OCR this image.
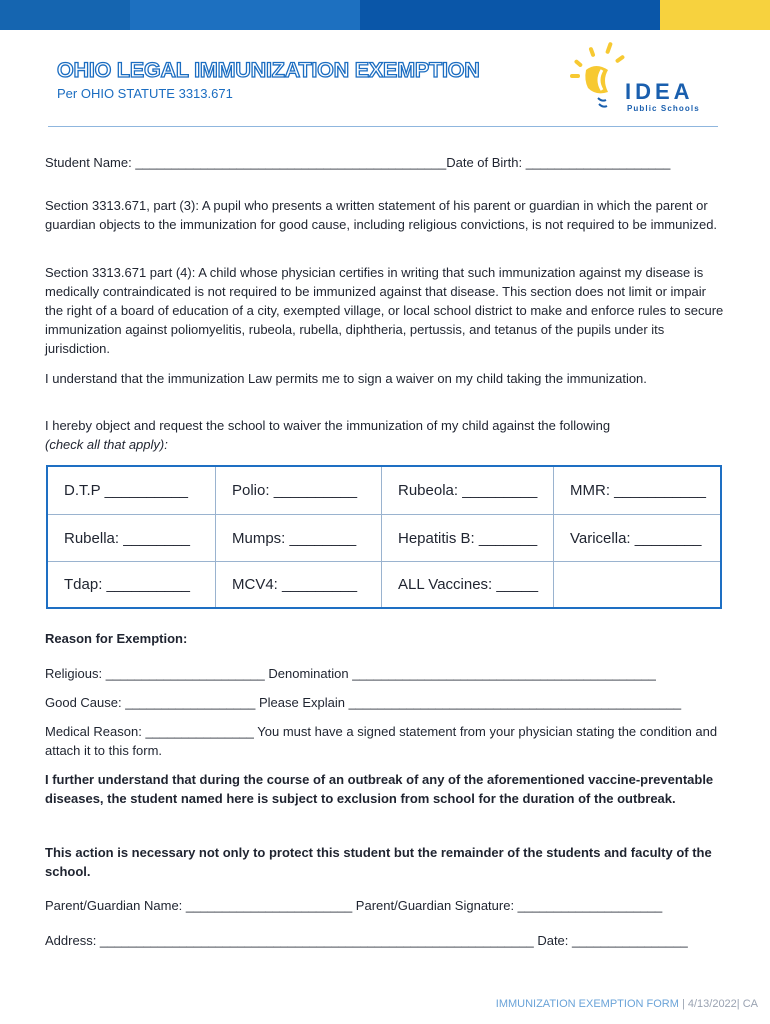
OHIO LEGAL IMMUNIZATION EXEMPTION
Per OHIO STATUTE 3313.671	IDEA
Public Schools
Student Name: ___________________________________________Date of Birth: ____________________
Section 3313.671, part (3): A pupil who presents a written statement of his parent or guardian in which the parent or guardian objects to the immunization for good cause, including religious convictions, is not required to be immunized.
Section 3313.671 part (4): A child whose physician certifies in writing that such immunization against my disease is medically contraindicated is not required to be immunized against that disease. This section does not limit or impair the right of a board of education of a city, exempted village, or local school district to make and enforce rules to secure immunization against poliomyelitis, rubeola, rubella, diphtheria, pertussis, and tetanus of the pupils under its jurisdiction.
I understand that the immunization Law permits me to sign a waiver on my child taking the immunization.
I hereby object and request the school to waiver the immunization of my child against the following
(check all that apply):
D.T.P __________	Polio: __________	Rubeola: _________	MMR: ___________
Rubella: ________	Mumps: ________	Hepatitis B: _______	Varicella: ________
Tdap: __________	MCV4: _________	ALL Vaccines: _____
Reason for Exemption:
Religious: ______________________ Denomination __________________________________________
Good Cause: __________________ Please Explain ______________________________________________
Medical Reason: _______________ You must have a signed statement from your physician stating the condition and attach it to this form.
I further understand that during the course of an outbreak of any of the aforementioned vaccine-preventable diseases, the student named here is subject to exclusion from school for the duration of the outbreak.
This action is necessary not only to protect this student but the remainder of the students and faculty of the school.
Parent/Guardian Name: _______________________ Parent/Guardian Signature: ____________________
Address: ____________________________________________________________ Date: ________________
IMMUNIZATION EXEMPTION FORM | 4/13/2022| CA
